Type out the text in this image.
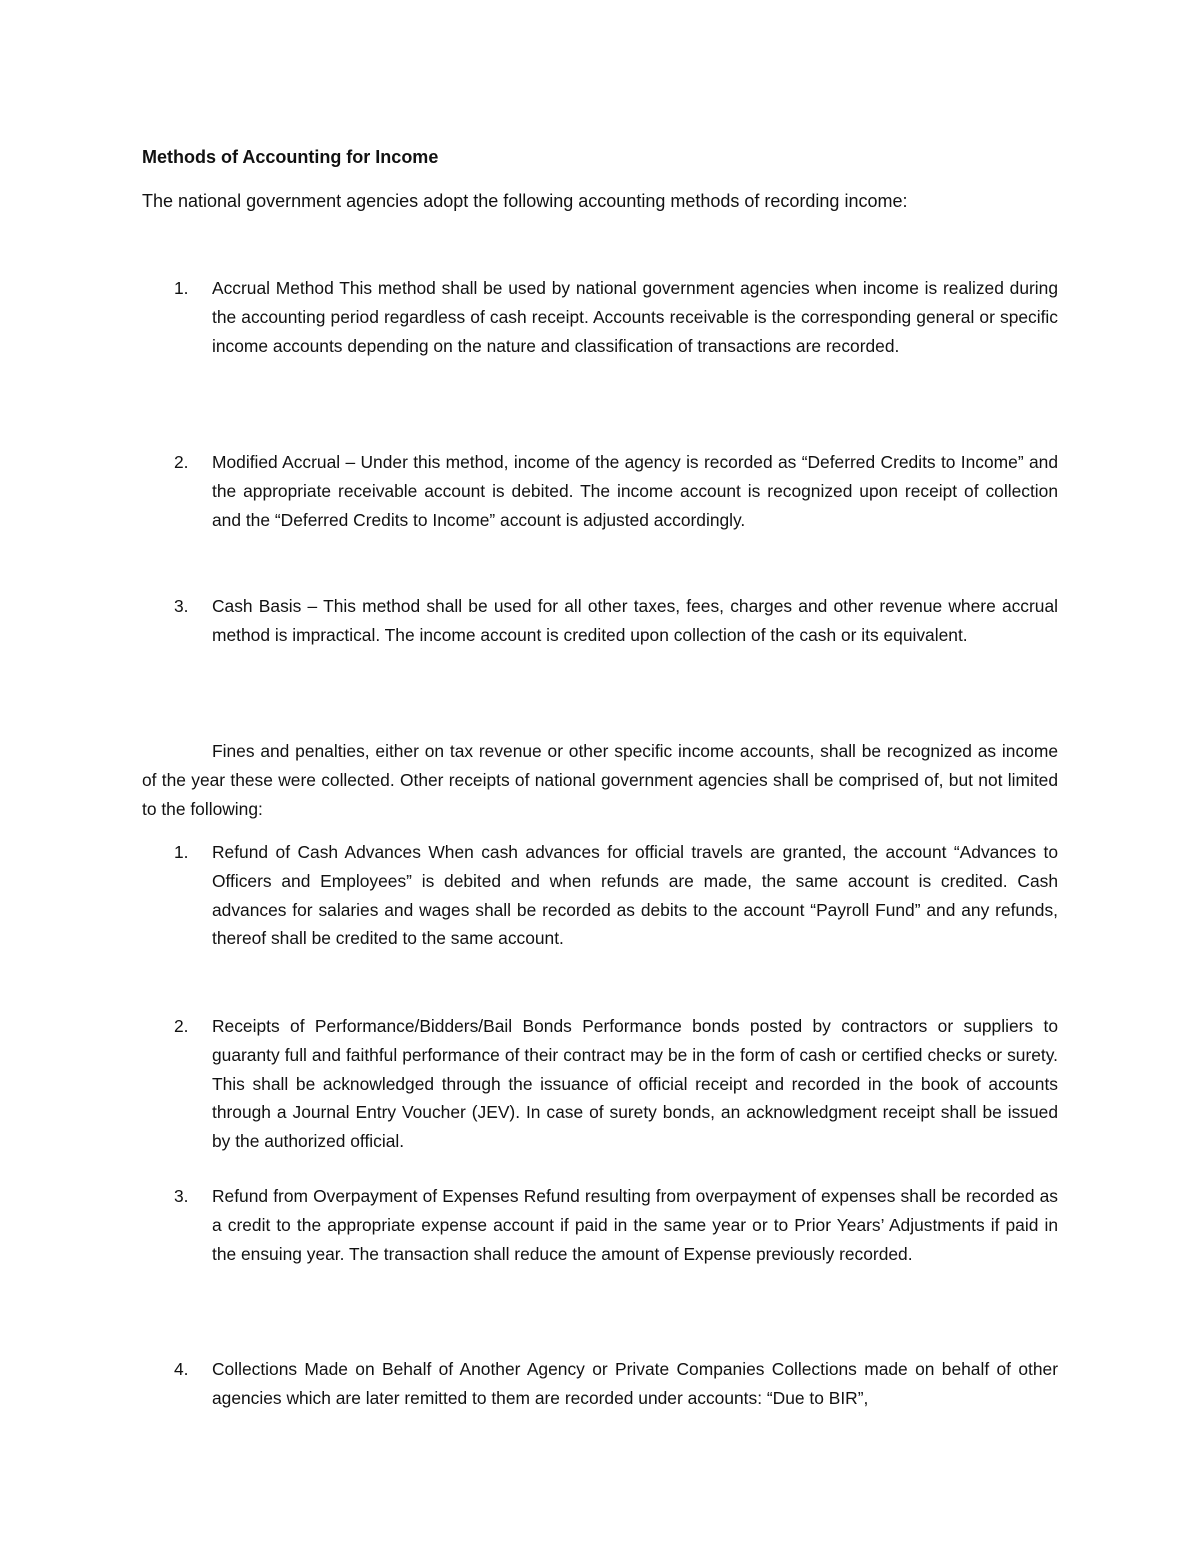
Methods of Accounting for Income
The national government agencies adopt the following accounting methods of recording income:
1.	Accrual Method This method shall be used by national government agencies when income is realized during the accounting period regardless of cash receipt. Accounts receivable is the corresponding general or specific income accounts depending on the nature and classification of transactions are recorded.
2.	Modified Accrual – Under this method, income of the agency is recorded as “Deferred Credits to Income” and the appropriate receivable account is debited. The income account is recognized upon receipt of collection and the “Deferred Credits to Income” account is adjusted accordingly.
3.	Cash Basis – This method shall be used for all other taxes, fees, charges and other revenue where accrual method is impractical. The income account is credited upon collection of the cash or its equivalent.
Fines and penalties, either on tax revenue or other specific income accounts, shall be recognized as income of the year these were collected. Other receipts of national government agencies shall be comprised of, but not limited to the following:
1.	Refund of Cash Advances When cash advances for official travels are granted, the account “Advances to Officers and Employees” is debited and when refunds are made, the same account is credited. Cash advances for salaries and wages shall be recorded as debits to the account “Payroll Fund” and any refunds, thereof shall be credited to the same account.
2.	Receipts of Performance/Bidders/Bail Bonds Performance bonds posted by contractors or suppliers to guaranty full and faithful performance of their contract may be in the form of cash or certified checks or surety. This shall be acknowledged through the issuance of official receipt and recorded in the book of accounts through a Journal Entry Voucher (JEV). In case of surety bonds, an acknowledgment receipt shall be issued by the authorized official.
3.	Refund from Overpayment of Expenses Refund resulting from overpayment of expenses shall be recorded as a credit to the appropriate expense account if paid in the same year or to Prior Years’ Adjustments if paid in the ensuing year. The transaction shall reduce the amount of Expense previously recorded.
4.	Collections Made on Behalf of Another Agency or Private Companies Collections made on behalf of other agencies which are later remitted to them are recorded under accounts: “Due to BIR”,
